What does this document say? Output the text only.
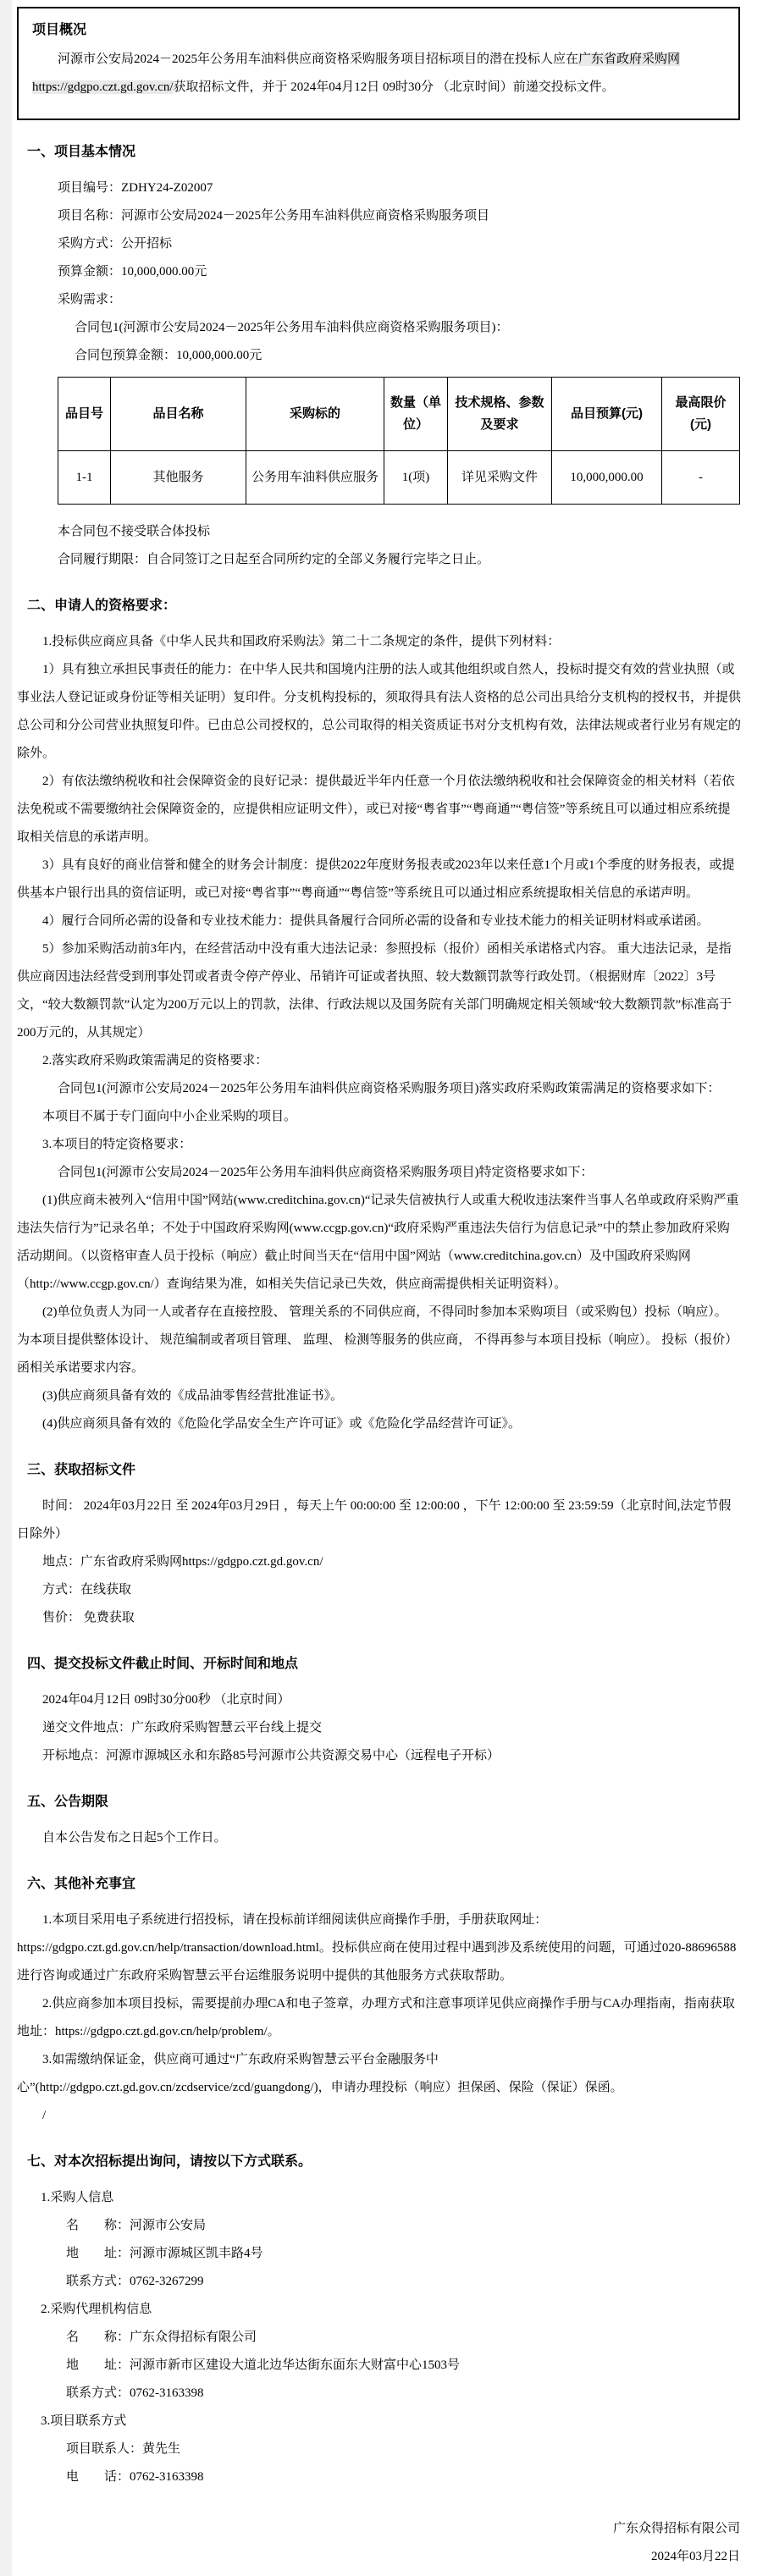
项目概况

河源市公安局2024－2025年公务用车油料供应商资格采购服务项目招标项目的潜在投标人应在广东省政府采购网https://gdgpo.czt.gd.gov.cn/获取招标文件，并于 2024年04月12日 09时30分 （北京时间）前递交投标文件。

一、项目基本情况

项目编号：ZDHY24-Z02007

项目名称：河源市公安局2024－2025年公务用车油料供应商资格采购服务项目

采购方式：公开招标

预算金额：10,000,000.00元

采购需求：

合同包1(河源市公安局2024－2025年公务用车油料供应商资格采购服务项目)：

合同包预算金额：10,000,000.00元

品目号	品目名称	采购标的	数量（单位）	技术规格、参数及要求	品目预算(元)	最高限价(元)
1-1	其他服务	公务用车油料供应服务	1(项)	详见采购文件	10,000,000.00	-

本合同包不接受联合体投标

合同履行期限：自合同签订之日起至合同所约定的全部义务履行完毕之日止。

二、申请人的资格要求：

1.投标供应商应具备《中华人民共和国政府采购法》第二十二条规定的条件，提供下列材料：

1）具有独立承担民事责任的能力：在中华人民共和国境内注册的法人或其他组织或自然人，投标时提交有效的营业执照（或事业法人登记证或身份证等相关证明）复印件。分支机构投标的，须取得具有法人资格的总公司出具给分支机构的授权书，并提供总公司和分公司营业执照复印件。已由总公司授权的，总公司取得的相关资质证书对分支机构有效，法律法规或者行业另有规定的除外。

2）有依法缴纳税收和社会保障资金的良好记录：提供最近半年内任意一个月依法缴纳税收和社会保障资金的相关材料（若依法免税或不需要缴纳社会保障资金的，应提供相应证明文件），或已对接“粤省事”“粤商通”“粤信签”等系统且可以通过相应系统提取相关信息的承诺声明。

3）具有良好的商业信誉和健全的财务会计制度：提供2022年度财务报表或2023年以来任意1个月或1个季度的财务报表，或提供基本户银行出具的资信证明，或已对接“粤省事”“粤商通”“粤信签”等系统且可以通过相应系统提取相关信息的承诺声明。

4）履行合同所必需的设备和专业技术能力：提供具备履行合同所必需的设备和专业技术能力的相关证明材料或承诺函。

5）参加采购活动前3年内，在经营活动中没有重大违法记录：参照投标（报价）函相关承诺格式内容。 重大违法记录，是指供应商因违法经营受到刑事处罚或者责令停产停业、吊销许可证或者执照、较大数额罚款等行政处罚。（根据财库〔2022〕3号文，“较大数额罚款”认定为200万元以上的罚款，法律、行政法规以及国务院有关部门明确规定相关领域“较大数额罚款”标准高于200万元的，从其规定）

2.落实政府采购政策需满足的资格要求：

合同包1(河源市公安局2024－2025年公务用车油料供应商资格采购服务项目)落实政府采购政策需满足的资格要求如下：

本项目不属于专门面向中小企业采购的项目。

3.本项目的特定资格要求：

合同包1(河源市公安局2024－2025年公务用车油料供应商资格采购服务项目)特定资格要求如下：

(1)供应商未被列入“信用中国”网站(www.creditchina.gov.cn)“记录失信被执行人或重大税收违法案件当事人名单或政府采购严重违法失信行为”记录名单；不处于中国政府采购网(www.ccgp.gov.cn)“政府采购严重违法失信行为信息记录”中的禁止参加政府采购活动期间。（以资格审查人员于投标（响应）截止时间当天在“信用中国”网站（www.creditchina.gov.cn）及中国政府采购网（http://www.ccgp.gov.cn/）查询结果为准，如相关失信记录已失效，供应商需提供相关证明资料）。

(2)单位负责人为同一人或者存在直接控股、 管理关系的不同供应商，不得同时参加本采购项目（或采购包）投标（响应）。 为本项目提供整体设计、 规范编制或者项目管理、 监理、 检测等服务的供应商， 不得再参与本项目投标（响应）。 投标（报价） 函相关承诺要求内容。

(3)供应商须具备有效的《成品油零售经营批准证书》。

(4)供应商须具备有效的《危险化学品安全生产许可证》或《危险化学品经营许可证》。

三、获取招标文件

时间： 2024年03月22日 至 2024年03月29日 ，每天上午 00:00:00 至 12:00:00 ，下午 12:00:00 至 23:59:59（北京时间,法定节假日除外）

地点：广东省政府采购网https://gdgpo.czt.gd.gov.cn/

方式：在线获取

售价： 免费获取

四、提交投标文件截止时间、开标时间和地点

2024年04月12日 09时30分00秒 （北京时间）

递交文件地点：广东政府采购智慧云平台线上提交

开标地点：河源市源城区永和东路85号河源市公共资源交易中心（远程电子开标）

五、公告期限

自本公告发布之日起5个工作日。

六、其他补充事宜

1.本项目采用电子系统进行招投标，请在投标前详细阅读供应商操作手册，手册获取网址：https://gdgpo.czt.gd.gov.cn/help/transaction/download.html。投标供应商在使用过程中遇到涉及系统使用的问题，可通过020-88696588 进行咨询或通过广东政府采购智慧云平台运维服务说明中提供的其他服务方式获取帮助。

2.供应商参加本项目投标，需要提前办理CA和电子签章，办理方式和注意事项详见供应商操作手册与CA办理指南，指南获取地址：https://gdgpo.czt.gd.gov.cn/help/problem/。

3.如需缴纳保证金，供应商可通过“广东政府采购智慧云平台金融服务中心”(http://gdgpo.czt.gd.gov.cn/zcdservice/zcd/guangdong/)，申请办理投标（响应）担保函、保险（保证）保函。

/

七、对本次招标提出询问，请按以下方式联系。

1.采购人信息

名　　称：河源市公安局

地　　址：河源市源城区凯丰路4号

联系方式：0762-3267299

2.采购代理机构信息

名　　称：广东众得招标有限公司

地　　址：河源市新市区建设大道北边华达街东面东大财富中心1503号

联系方式：0762-3163398

3.项目联系方式

项目联系人：黄先生

电　　话：0762-3163398

广东众得招标有限公司
2024年03月22日
